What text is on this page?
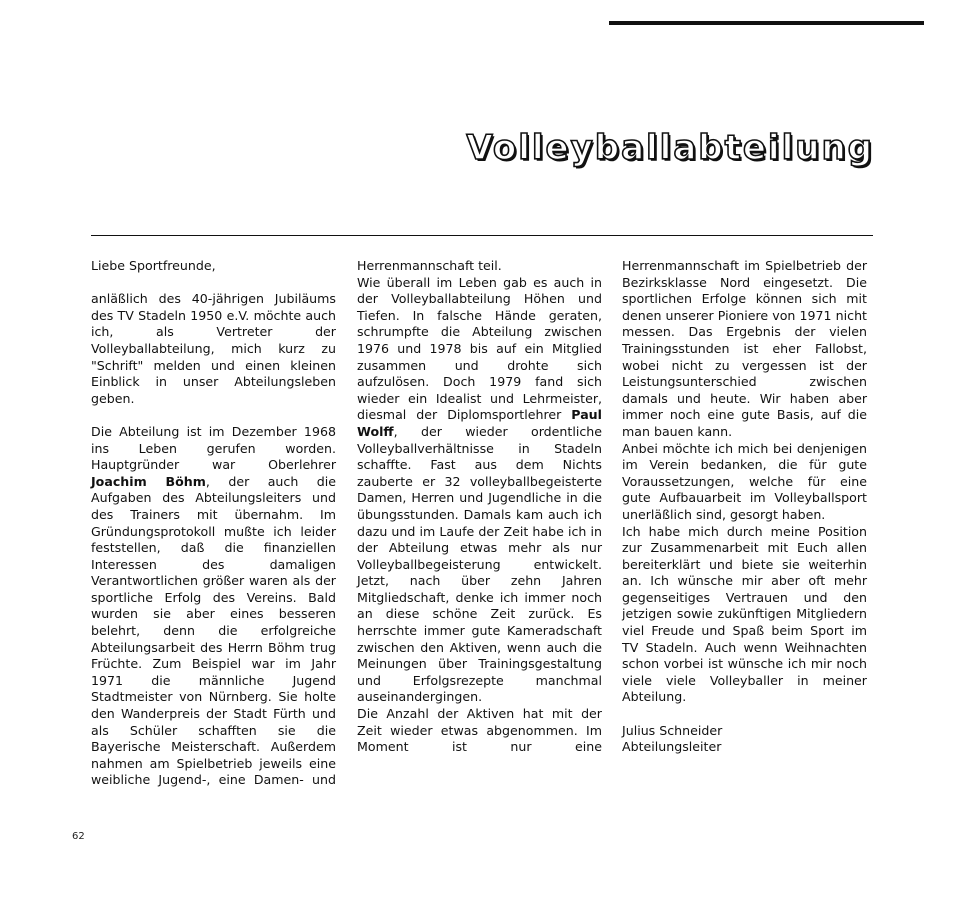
Volleyballabteilung

Liebe Sportfreunde,

anläßlich des 40-jährigen Jubiläums des TV Stadeln 1950 e.V. möchte auch ich, als Vertreter der Volleyballabteilung, mich kurz zu "Schrift" melden und einen kleinen Einblick in unser Abteilungsleben geben.

Die Abteilung ist im Dezember 1968 ins Leben gerufen worden. Hauptgründer war Oberlehrer Joachim Böhm, der auch die Aufgaben des Abteilungsleiters und des Trainers mit übernahm. Im Gründungsprotokoll mußte ich leider feststellen, daß die finanziellen Interessen des damaligen Verantwortlichen größer waren als der sportliche Erfolg des Vereins. Bald wurden sie aber eines besseren belehrt, denn die erfolgreiche Abteilungsarbeit des Herrn Böhm trug Früchte. Zum Beispiel war im Jahr 1971 die männliche Jugend Stadtmeister von Nürnberg. Sie holte den Wanderpreis der Stadt Fürth und als Schüler schafften sie die Bayerische Meisterschaft. Außerdem nahmen am Spielbetrieb jeweils eine weibliche Jugend-, eine Damen- und

Herrenmannschaft teil.

Wie überall im Leben gab es auch in der Volleyballabteilung Höhen und Tiefen. In falsche Hände geraten, schrumpfte die Abteilung zwischen 1976 und 1978 bis auf ein Mitglied zusammen und drohte sich aufzulösen. Doch 1979 fand sich wieder ein Idealist und Lehrmeister, diesmal der Diplomsportlehrer Paul Wolff, der wieder ordentliche Volleyballverhältnisse in Stadeln schaffte. Fast aus dem Nichts zauberte er 32 volleyballbegeisterte Damen, Herren und Jugendliche in die übungsstunden. Damals kam auch ich dazu und im Laufe der Zeit habe ich in der Abteilung etwas mehr als nur Volleyballbegeisterung entwickelt. Jetzt, nach über zehn Jahren Mitgliedschaft, denke ich immer noch an diese schöne Zeit zurück. Es herrschte immer gute Kameradschaft zwischen den Aktiven, wenn auch die Meinungen über Trainingsgestaltung und Erfolgsrezepte manchmal auseinandergingen.

Die Anzahl der Aktiven hat mit der Zeit wieder etwas abgenommen. Im Moment ist nur eine

Herrenmannschaft im Spielbetrieb der Bezirksklasse Nord eingesetzt. Die sportlichen Erfolge können sich mit denen unserer Pioniere von 1971 nicht messen. Das Ergebnis der vielen Trainingsstunden ist eher Fallobst, wobei nicht zu vergessen ist der Leistungsunterschied zwischen damals und heute. Wir haben aber immer noch eine gute Basis, auf die man bauen kann.

Anbei möchte ich mich bei denjenigen im Verein bedanken, die für gute Voraussetzungen, welche für eine gute Aufbauarbeit im Volleyballsport unerläßlich sind, gesorgt haben.

Ich habe mich durch meine Position zur Zusammenarbeit mit Euch allen bereiterklärt und biete sie weiterhin an. Ich wünsche mir aber oft mehr gegenseitiges Vertrauen und den jetzigen sowie zukünftigen Mitgliedern viel Freude und Spaß beim Sport im TV Stadeln. Auch wenn Weihnachten schon vorbei ist wünsche ich mir noch viele viele Volleyballer in meiner Abteilung.

Julius Schneider

Abteilungsleiter

62
